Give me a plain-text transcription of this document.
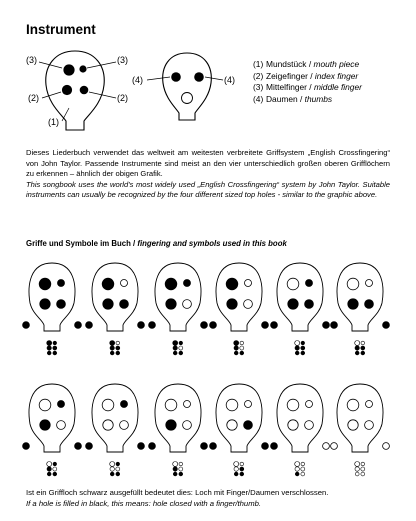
Instrument
(3)
(2)
(1)
(3)
(2)
(4)	(4)
(1) Mundstück / mouth piece
(2) Zeigefinger / index finger
(3) Mittelfinger / middle finger
(4) Daumen / thumbs

Dieses Liederbuch verwendet das weltweit am weitesten verbreitete Griffsystem „English Crossfingering“ von John Taylor. Passende Instrumente sind meist an den vier unterschiedlich großen oberen Grifflöchern zu erkennen – ähnlich der obigen Grafik.

This songbook uses the world's most widely used „English Crossfingering“ system by John Taylor. Suitable instruments can usually be recognized by the four different sized top holes - similar to the graphic above.

Griffe und Symbole im Buch / fingering and symbols used in this book

Ist ein Griffloch schwarz ausgefüllt bedeutet dies: Loch mit Finger/Daumen verschlossen.

If a hole is filled in black, this means: hole closed with a finger/thumb.
